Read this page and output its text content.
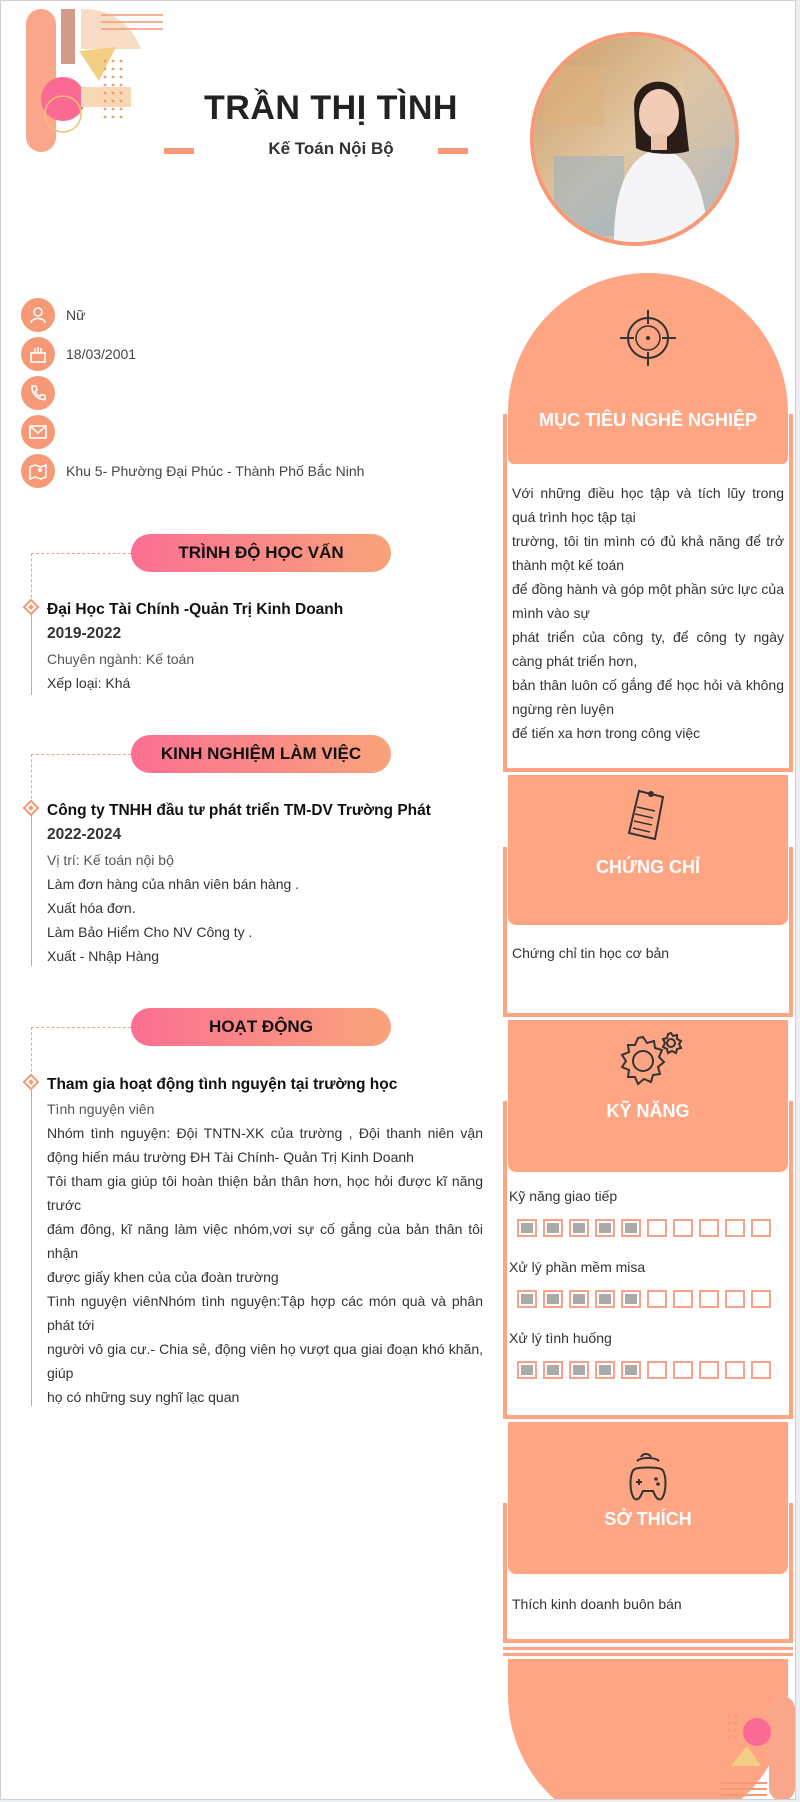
TRẦN THỊ TÌNH
Kế Toán Nội Bộ
Nữ
18/03/2001
Khu 5- Phường Đại Phúc - Thành Phố Bắc Ninh
TRÌNH ĐỘ HỌC VẤN
Đại Học Tài Chính -Quản Trị Kinh Doanh
2019-2022
Chuyên ngành: Kế toán
Xếp loại: Khá
KINH NGHIỆM LÀM VIỆC
Công ty TNHH đầu tư phát triển TM-DV Trường Phát
2022-2024
Vị trí: Kế toán nội bộ
Làm đơn hàng của nhân viên bán hàng .
Xuất hóa đơn.
Làm Bảo Hiểm Cho NV Công ty .
Xuất - Nhập Hàng
HOẠT ĐỘNG
Tham gia hoạt động tình nguyện tại trường học
Tình nguyện viên
Nhóm tình nguyện: Đội TNTN-XK của trường , Đội thanh niên vận động hiến máu trường ĐH Tài Chính- Quản Trị Kinh Doanh
Tôi tham gia giúp tôi hoàn thiện bản thân hơn, học hỏi được kĩ năng trước
đám đông, kĩ năng làm việc nhóm,vơi sự cố gắng của bản thân tôi nhận
được giấy khen của của đoàn trường
Tình nguyện viênNhóm tình nguyện:Tập hợp các món quà và phân phát tới
người vô gia cư.- Chia sẻ, động viên họ vượt qua giai đoạn khó khăn, giúp
họ có những suy nghĩ lạc quan
MỤC TIÊU NGHỀ NGHIỆP
Với những điều học tập và tích lũy trong quá trình học tập tại
trường, tôi tin mình có đủ khả năng để trở thành một kế toán
để đồng hành và góp một phần sức lực của mình vào sự
phát triển của công ty, để công ty ngày càng phát triển hơn,
bản thân luôn cố gắng để học hỏi và không ngừng rèn luyện
để tiến xa hơn trong công việc
CHỨNG CHỈ
Chứng chỉ tin học cơ bản
KỸ NĂNG
Kỹ năng giao tiếp
Xử lý phần mềm misa
Xử lý tình huống
SỞ THÍCH
Thích kinh doanh buôn bán
